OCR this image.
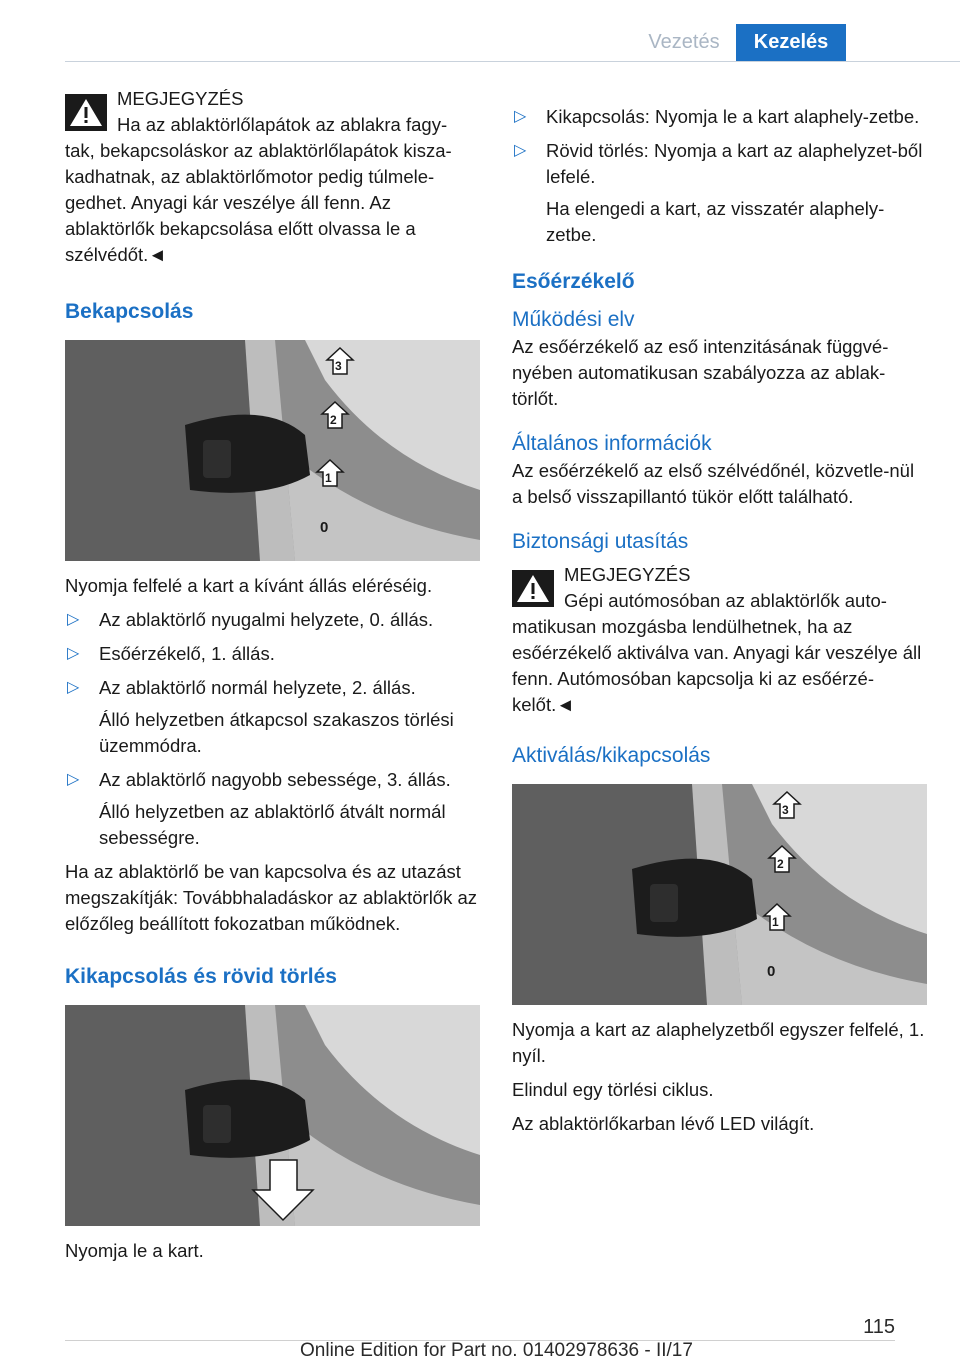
Vezetés	Kezelés
MEGJEGYZÉS
Ha az ablaktörlőlapátok az ablakra fagy-
tak, bekapcsoláskor az ablaktörlőlapátok kisza-kadhatnak, az ablaktörlőmotor pedig túlmele-gedhet. Anyagi kár veszélye áll fenn. Az ablaktörlők bekapcsolása előtt olvassa le a szélvédőt.◄
Bekapcsolás
3
2
1
0
Nyomja felfelé a kart a kívánt állás eléréséig.
▷ Az ablaktörlő nyugalmi helyzete, 0. állás.
▷ Esőérzékelő, 1. állás.
▷ Az ablaktörlő normál helyzete, 2. állás.
Álló helyzetben átkapcsol szakaszos törlési üzemmódra.
▷ Az ablaktörlő nagyobb sebessége, 3. állás.
Álló helyzetben az ablaktörlő átvált normál sebességre.
Ha az ablaktörlő be van kapcsolva és az utazást megszakítják: Továbbhaladáskor az ablaktörlők az előzőleg beállított fokozatban működnek.
Kikapcsolás és rövid törlés
Nyomja le a kart.
▷ Kikapcsolás: Nyomja le a kart alaphely-zetbe.
▷ Rövid törlés: Nyomja a kart az alaphelyzet-ből lefelé.
Ha elengedi a kart, az visszatér alaphely-zetbe.
Esőérzékelő
Működési elv
Az esőérzékelő az eső intenzitásának függvé-nyében automatikusan szabályozza az ablak-törlőt.
Általános információk
Az esőérzékelő az első szélvédőnél, közvetle-nül a belső visszapillantó tükör előtt található.
Biztonsági utasítás
MEGJEGYZÉS
Gépi autómosóban az ablaktörlők auto-
matikusan mozgásba lendülhetnek, ha az esőérzékelő aktiválva van. Anyagi kár veszélye áll fenn. Autómosóban kapcsolja ki az esőérzé-kelőt.◄
Aktiválás/kikapcsolás
3
2
1
0
Nyomja a kart az alaphelyzetből egyszer felfelé, 1. nyíl.
Elindul egy törlési ciklus.
Az ablaktörlőkarban lévő LED világít.
115
Online Edition for Part no. 01402978636 - II/17
